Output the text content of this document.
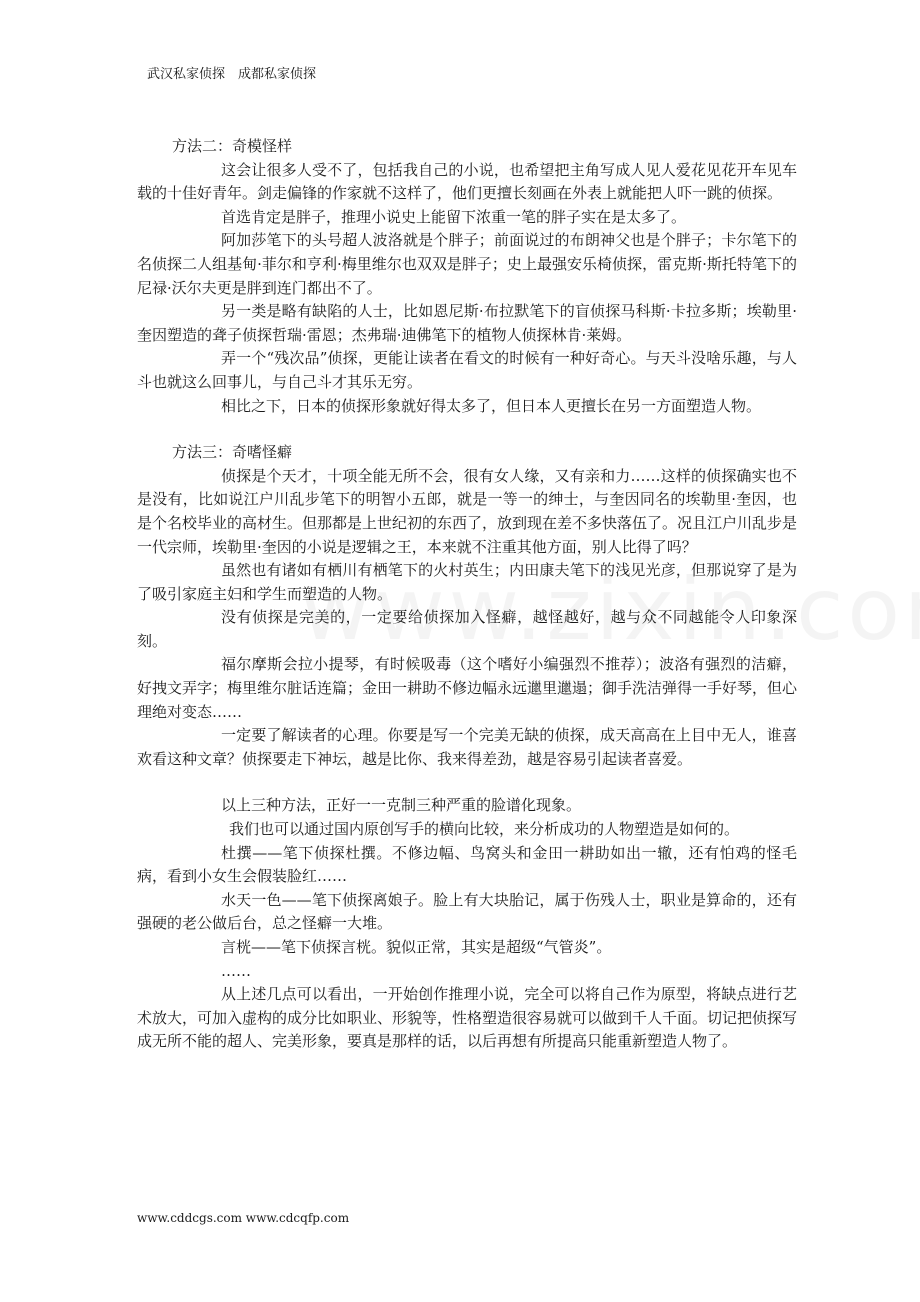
武汉私家侦探　成都私家侦探

方法二：奇模怪样

这会让很多人受不了，包括我自己的小说，也希望把主角写成人见人爱花见花开车见车载的十佳好青年。剑走偏锋的作家就不这样了，他们更擅长刻画在外表上就能把人吓一跳的侦探。

首选肯定是胖子，推理小说史上能留下浓重一笔的胖子实在是太多了。

阿加莎笔下的头号超人波洛就是个胖子；前面说过的布朗神父也是个胖子；卡尔笔下的名侦探二人组基甸·菲尔和亨利·梅里维尔也双双是胖子；史上最强安乐椅侦探，雷克斯·斯托特笔下的尼禄·沃尔夫更是胖到连门都出不了。

另一类是略有缺陷的人士，比如恩尼斯·布拉默笔下的盲侦探马科斯·卡拉多斯；埃勒里·奎因塑造的聋子侦探哲瑞·雷恩；杰弗瑞·迪佛笔下的植物人侦探林肯·莱姆。

弄一个“残次品”侦探，更能让读者在看文的时候有一种好奇心。与天斗没啥乐趣，与人斗也就这么回事儿，与自己斗才其乐无穷。

相比之下，日本的侦探形象就好得太多了，但日本人更擅长在另一方面塑造人物。

方法三：奇嗜怪癖

侦探是个天才，十项全能无所不会，很有女人缘，又有亲和力……这样的侦探确实也不是没有，比如说江户川乱步笔下的明智小五郎，就是一等一的绅士，与奎因同名的埃勒里·奎因，也是个名校毕业的高材生。但那都是上世纪初的东西了，放到现在差不多快落伍了。况且江户川乱步是一代宗师，埃勒里·奎因的小说是逻辑之王，本来就不注重其他方面，别人比得了吗？

虽然也有诸如有栖川有栖笔下的火村英生；内田康夫笔下的浅见光彦，但那说穿了是为了吸引家庭主妇和学生而塑造的人物。

没有侦探是完美的，一定要给侦探加入怪癖，越怪越好，越与众不同越能令人印象深刻。

福尔摩斯会拉小提琴，有时候吸毒（这个嗜好小编强烈不推荐）；波洛有强烈的洁癖，好拽文弄字；梅里维尔脏话连篇；金田一耕助不修边幅永远邋里邋遢；御手洗洁弹得一手好琴，但心理绝对变态……

一定要了解读者的心理。你要是写一个完美无缺的侦探，成天高高在上目中无人，谁喜欢看这种文章？侦探要走下神坛，越是比你、我来得差劲，越是容易引起读者喜爱。

以上三种方法，正好一一克制三种严重的脸谱化现象。

我们也可以通过国内原创写手的横向比较，来分析成功的人物塑造是如何的。

杜撰——笔下侦探杜撰。不修边幅、鸟窝头和金田一耕助如出一辙，还有怕鸡的怪毛病，看到小女生会假装脸红……

水天一色——笔下侦探离娘子。脸上有大块胎记，属于伤残人士，职业是算命的，还有强硬的老公做后台，总之怪癖一大堆。

言桄——笔下侦探言桄。貌似正常，其实是超级“气管炎”。

……

从上述几点可以看出，一开始创作推理小说，完全可以将自己作为原型，将缺点进行艺术放大，可加入虚构的成分比如职业、形貌等，性格塑造很容易就可以做到千人千面。切记把侦探写成无所不能的超人、完美形象，要真是那样的话，以后再想有所提高只能重新塑造人物了。

www.cddcgs.com www.cdcqfp.com
